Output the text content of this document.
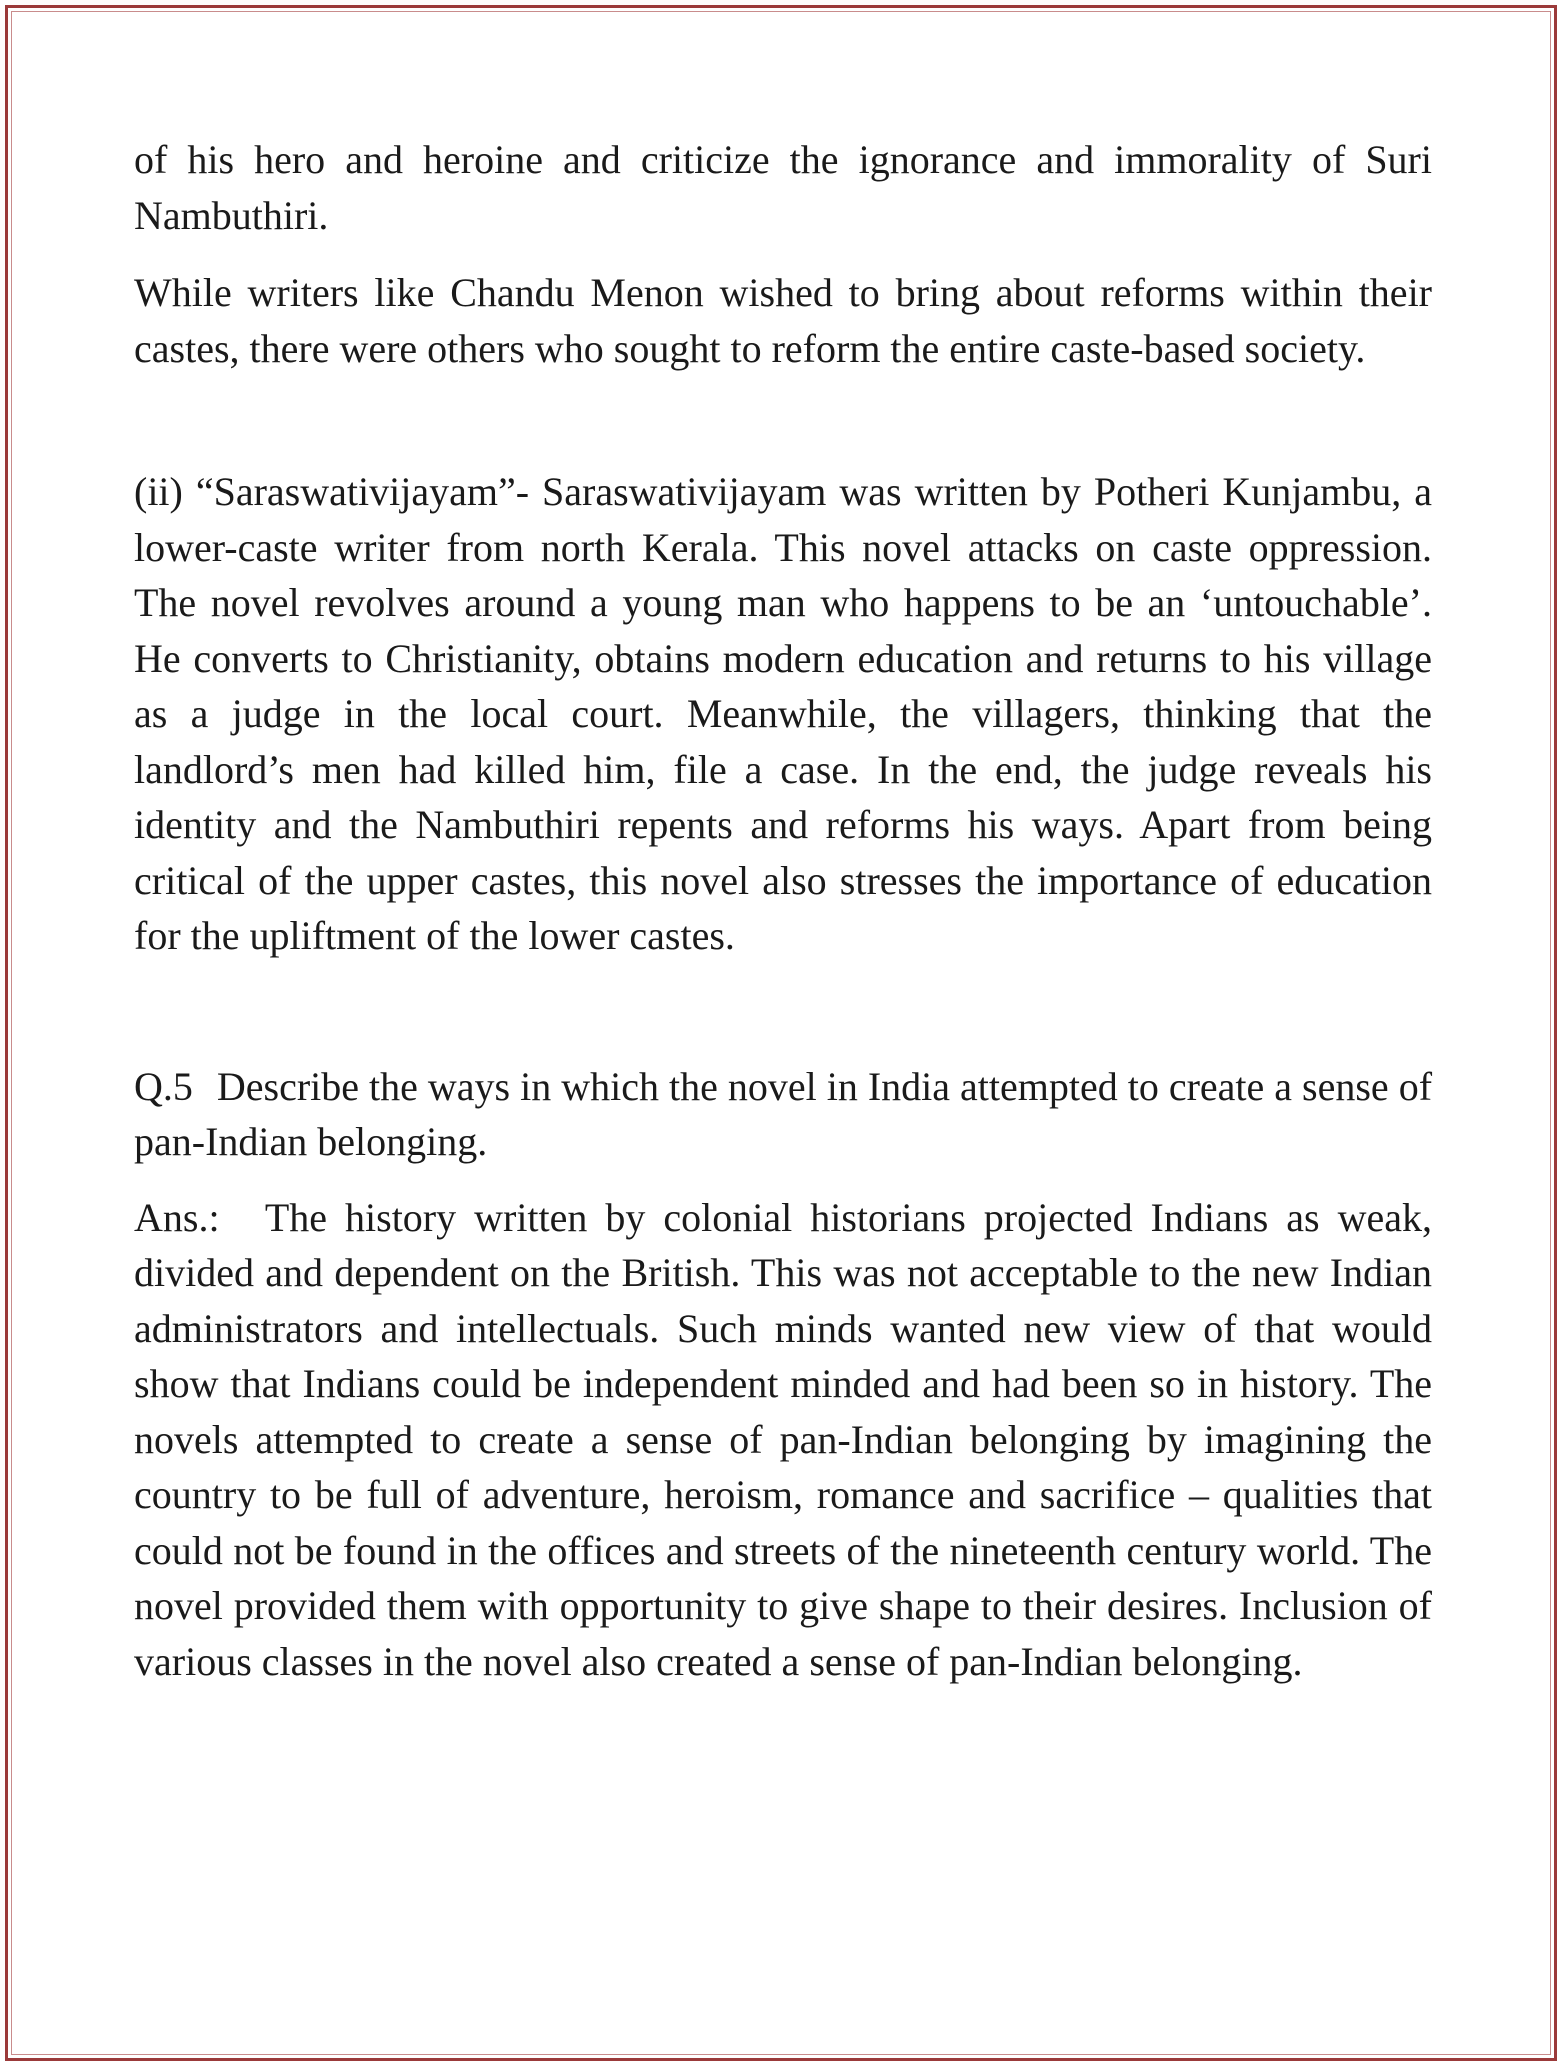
of his hero and heroine and criticize the ignorance and immorality of Suri Nambuthiri.

While writers like Chandu Menon wished to bring about reforms within their castes, there were others who sought to reform the entire caste-based society.

(ii) “Saraswativijayam”- Saraswativijayam was written by Potheri Kunjambu, a lower-caste writer from north Kerala. This novel attacks on caste oppression. The novel revolves around a young man who happens to be an ‘untouchable’. He converts to Christianity, obtains modern education and returns to his village as a judge in the local court. Meanwhile, the villagers, thinking that the landlord’s men had killed him, file a case. In the end, the judge reveals his identity and the Nambuthiri repents and reforms his ways. Apart from being critical of the upper castes, this novel also stresses the importance of education for the upliftment of the lower castes.

Q.5 Describe the ways in which the novel in India attempted to create a sense of pan-Indian belonging.

Ans.: The history written by colonial historians projected Indians as weak, divided and dependent on the British. This was not acceptable to the new Indian administrators and intellectuals. Such minds wanted new view of that would show that Indians could be independent minded and had been so in history. The novels attempted to create a sense of pan-Indian belonging by imagining the country to be full of adventure, heroism, romance and sacrifice – qualities that could not be found in the offices and streets of the nineteenth century world. The novel provided them with opportunity to give shape to their desires. Inclusion of various classes in the novel also created a sense of pan-Indian belonging.
